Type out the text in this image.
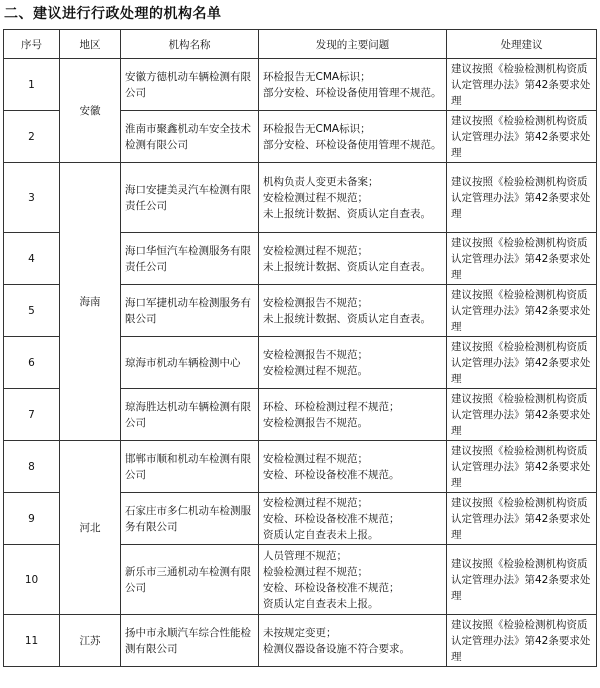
二、建议进行行政处理的机构名单
序号	地区	机构名称	发现的主要问题	处理建议
1	安徽	安徽方德机动车辆检测有限公司	环检报告无CMA标识；
部分安检、环检设备使用管理不规范。	建议按照《检验检测机构资质认定管理办法》第42条要求处理
2		淮南市聚鑫机动车安全技术检测有限公司	环检报告无CMA标识；
部分安检、环检设备使用管理不规范。	建议按照《检验检测机构资质认定管理办法》第42条要求处理
3	海南	海口安捷美灵汽车检测有限责任公司	机构负责人变更未备案；
安检检测过程不规范；
未上报统计数据、资质认定自查表。	建议按照《检验检测机构资质认定管理办法》第42条要求处理
4		海口华恒汽车检测服务有限责任公司	安检检测过程不规范；
未上报统计数据、资质认定自查表。	建议按照《检验检测机构资质认定管理办法》第42条要求处理
5		海口军捷机动车检测服务有限公司	安检检测报告不规范；
未上报统计数据、资质认定自查表。	建议按照《检验检测机构资质认定管理办法》第42条要求处理
6		琼海市机动车辆检测中心	安检检测报告不规范；
安检检测过程不规范。	建议按照《检验检测机构资质认定管理办法》第42条要求处理
7		琼海胜达机动车辆检测有限公司	环检、环检检测过程不规范；
安检检测报告不规范。	建议按照《检验检测机构资质认定管理办法》第42条要求处理
8	河北	邯郸市顺和机动车检测有限公司	安检检测过程不规范；
安检、环检设备校准不规范。	建议按照《检验检测机构资质认定管理办法》第42条要求处理
9		石家庄市多仁机动车检测服务有限公司	安检检测过程不规范；
安检、环检设备校准不规范；
资质认定自查表未上报。	建议按照《检验检测机构资质认定管理办法》第42条要求处理
10		新乐市三通机动车检测有限公司	人员管理不规范；
检验检测过程不规范；
安检、环检设备校准不规范；
资质认定自查表未上报。	建议按照《检验检测机构资质认定管理办法》第42条要求处理
11	江苏	扬中市永顺汽车综合性能检测有限公司	未按规定变更；
检测仪器设备设施不符合要求。	建议按照《检验检测机构资质认定管理办法》第42条要求处理
